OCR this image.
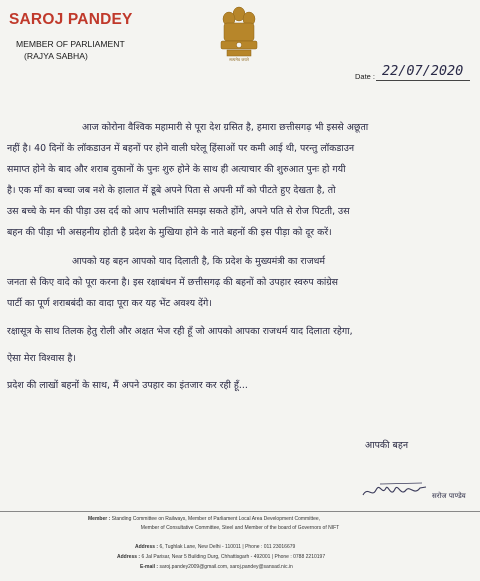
SAROJ PANDEY
MEMBER OF PARLIAMENT
(RAJYA SABHA)	सत्यमेव जयते
Date : 22/07/2020
आज कोरोना वैश्विक महामारी से पूरा देश ग्रसित है, हमारा छत्तीसगढ़ भी इससे अछूता
नहीं है। 40 दिनों के लॉकडाउन में बहनों पर होने वाली घरेलू हिंसाओं पर कमी आई थी, परन्तु लॉकडाउन
समाप्त होने के बाद और शराब दुकानों के पुनः शुरु होने के साथ ही अत्याचार की शुरुआत पुनः हो गयी
है। एक माँ का बच्चा जब नशे के हालात में डूबे अपने पिता से अपनी माँ को पीटते हुए देखता है, तो
उस बच्चे के मन की पीड़ा उस दर्द को आप भलीभांति समझ सकते होंगे, अपने पति से रोज पिटती, उस
बहन की पीड़ा भी असहनीय होती है प्रदेश के मुखिया होने के नाते बहनों की इस पीड़ा को दूर करें।
आपको यह बहन आपको याद दिलाती है, कि प्रदेश के मुख्यमंत्री का राजधर्म
जनता से किए वादे को पूरा करना है। इस रक्षाबंधन में छत्तीसगढ़ की बहनों को उपहार स्वरुप कांग्रेस
पार्टी का पूर्ण शराबबंदी का वादा पूरा कर यह भेंट अवश्य देंगे।
रक्षासूत्र के साथ तिलक हेतु रोली और अक्षत भेज रही हूँ जो आपको आपका राजधर्म याद दिलाता रहेगा,
ऐसा मेरा विश्वास है।
प्रदेश की लाखों बहनों के साथ, मैं अपने उपहार का इंतजार कर रही हूँ...
आपकी बहन
सरोज पाण्डेय
Member : Standing Committee on Railways, Member of Parliament Local Area Development Committee,
Member of Consultative Committee, Steel and Member of the board of Governors of NIFT
Address : 6, Tughlak Lane, New Delhi - 110011 | Phone : 011 23016679
Address : 6 Jal Parisar, Near 5 Building Durg, Chhattisgarh - 492001 | Phone : 0788 2210197
E-mail : saroj.pandey2009@gmail.com, saroj.pandey@sansad.nic.in
